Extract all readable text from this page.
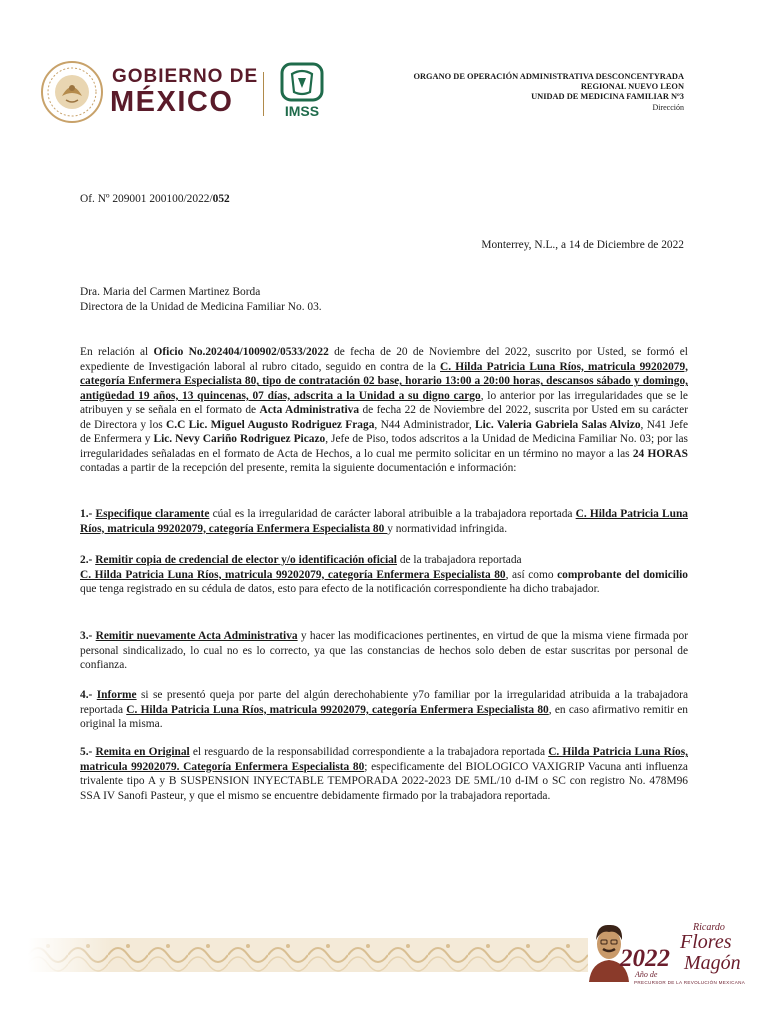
GOBIERNO DE
MÉXICO	IMSS
ORGANO DE OPERACIÓN ADMINISTRATIVA DESCONCENTYRADA
REGIONAL NUEVO LEON
UNIDAD DE MEDICINA FAMILIAR Nº3
Dirección
Of. Nº 209001 200100/2022/052
Monterrey, N.L., a 14 de Diciembre de 2022
Dra. Maria del Carmen Martinez Borda
Directora de la Unidad de Medicina Familiar No. 03.
En relación al Oficio No.202404/100902/0533/2022 de fecha de 20 de Noviembre del 2022, suscrito por Usted, se formó el expediente de Investigación laboral al rubro citado, seguido en contra de la C. Hilda Patricia Luna Ríos, matricula 99202079, categoría Enfermera Especialista 80, tipo de contratación 02 base, horario 13:00 a 20:00 horas, descansos sábado y domingo, antigüedad 19 años, 13 quincenas, 07 días, adscrita a la Unidad a su digno cargo, lo anterior por las irregularidades que se le atribuyen y se señala en el formato de Acta Administrativa de fecha 22 de Noviembre del 2022, suscrita por Usted em su carácter de Directora y los C.C Lic. Miguel Augusto Rodriguez Fraga, N44 Administrador, Lic. Valeria Gabriela Salas Alvizo, N41 Jefe de Enfermera y Lic. Nevy Cariño Rodriguez Picazo, Jefe de Piso, todos adscritos a la Unidad de Medicina Familiar No. 03; por las irregularidades señaladas en el formato de Acta de Hechos, a lo cual me permito solicitar en un término no mayor a las 24 HORAS contadas a partir de la recepción del presente, remita la siguiente documentación e información:
1.- Especifique claramente cúal es la irregularidad de carácter laboral atribuible a la trabajadora reportada C. Hilda Patricia Luna Ríos, matricula 99202079, categoría Enfermera Especialista 80 y normatividad infringida.
2.- Remitir copia de credencial de elector y/o identificación oficial de la trabajadora reportada
C. Hilda Patricia Luna Ríos, matricula 99202079, categoría Enfermera Especialista 80, así como comprobante del domicilio que tenga registrado en su cédula de datos, esto para efecto de la notificación correspondiente ha dicho trabajador.
3.- Remitir nuevamente Acta Administrativa y hacer las modificaciones pertinentes, en virtud de que la misma viene firmada por personal sindicalizado, lo cual no es lo correcto, ya que las constancias de hechos solo deben de estar suscritas por personal de confianza.
4.- Informe si se presentó queja por parte del algún derechohabiente y7o familiar por la irregularidad atribuida a la trabajadora reportada C. Hilda Patricia Luna Ríos, matricula 99202079, categoría Enfermera Especialista 80, en caso afirmativo remitir en original la misma.
5.- Remita en Original el resguardo de la responsabilidad correspondiente a la trabajadora reportada C. Hilda Patricia Luna Ríos, matricula 99202079. Categoría Enfermera Especialista 80; especificamente del BIOLOGICO VAXIGRIP Vacuna anti influenza trivalente tipo A y B SUSPENSION INYECTABLE TEMPORADA 2022-2023 DE 5ML/10 d-IM o SC con registro No. 478M96 SSA IV Sanofi Pasteur, y que el mismo se encuentre debidamente firmado por la trabajadora reportada.
2022
Año de
Ricardo
Flores
Magón
PRECURSOR DE LA REVOLUCIÓN MEXICANA
